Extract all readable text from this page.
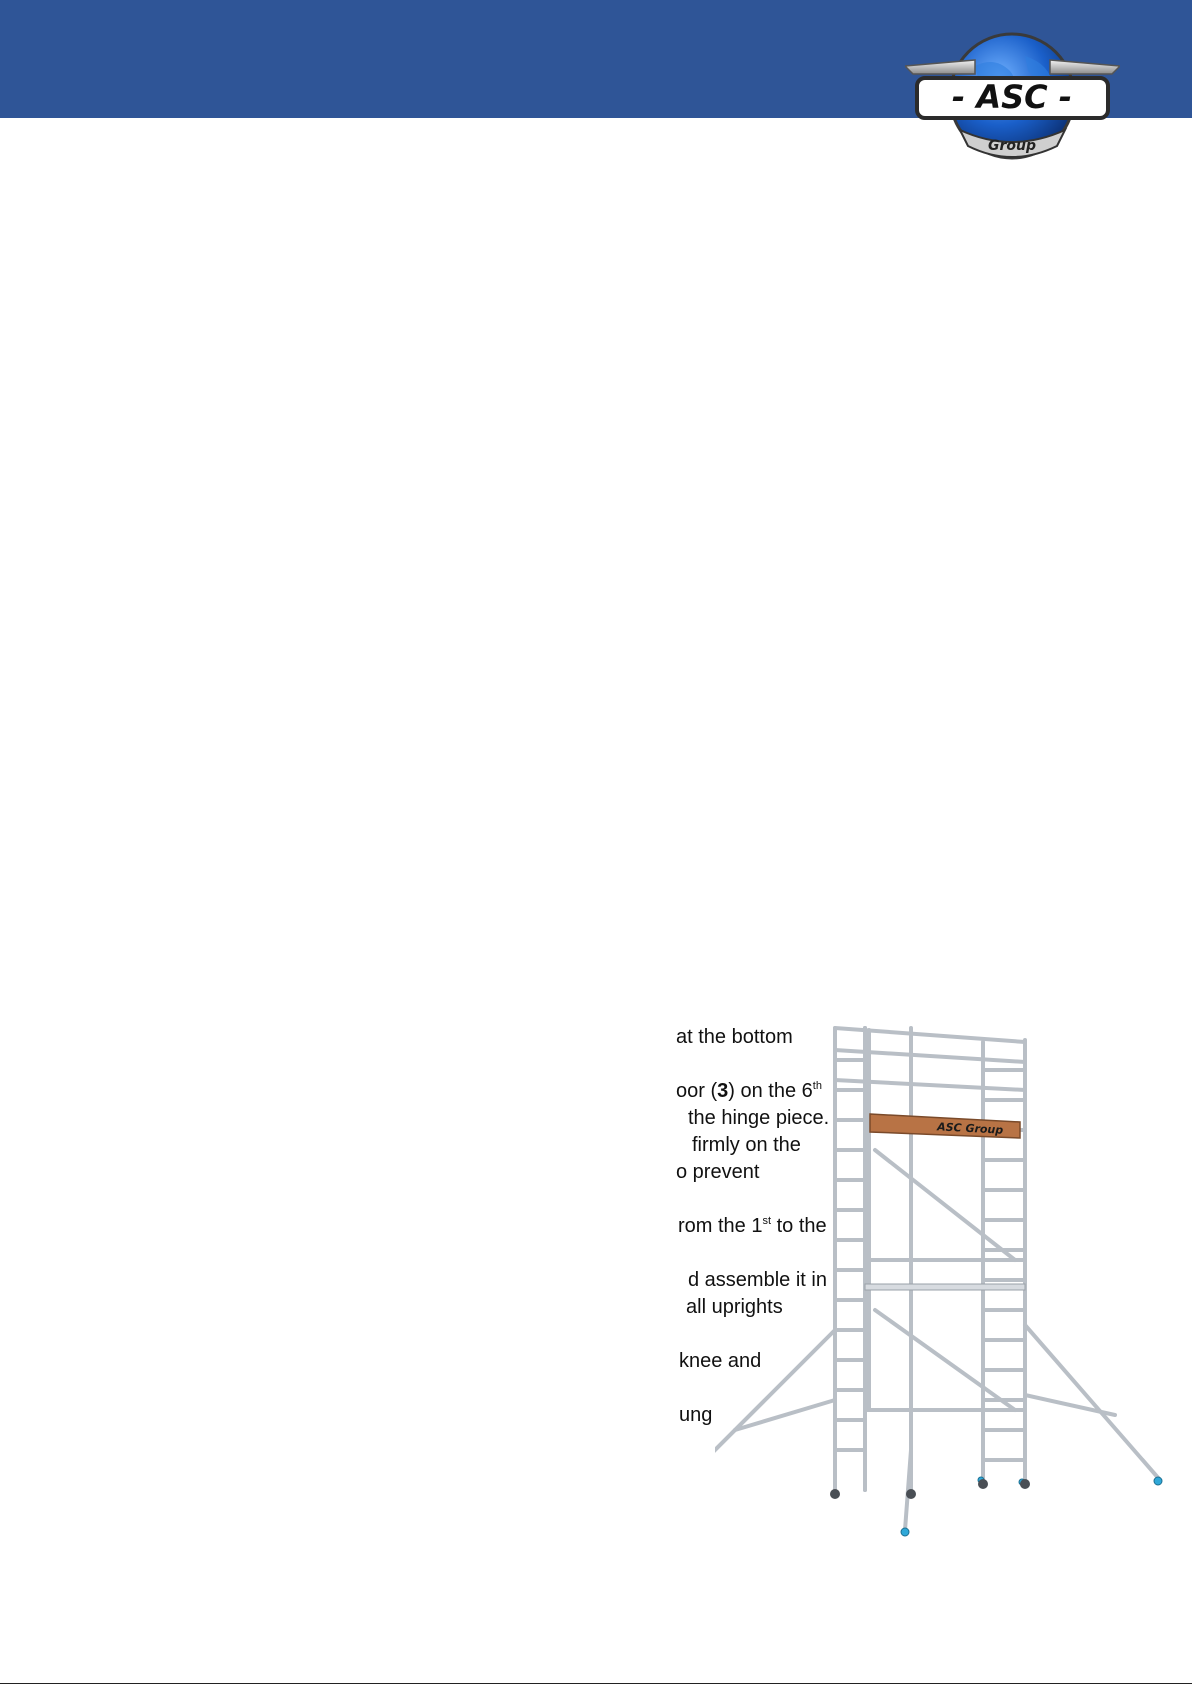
- ASC -
Group
at the bottom
oor (3) on the 6th
the hinge piece.
firmly on the
o prevent
rom the 1st to the
d assemble it in
all uprights
knee and
ung
ASC Group
